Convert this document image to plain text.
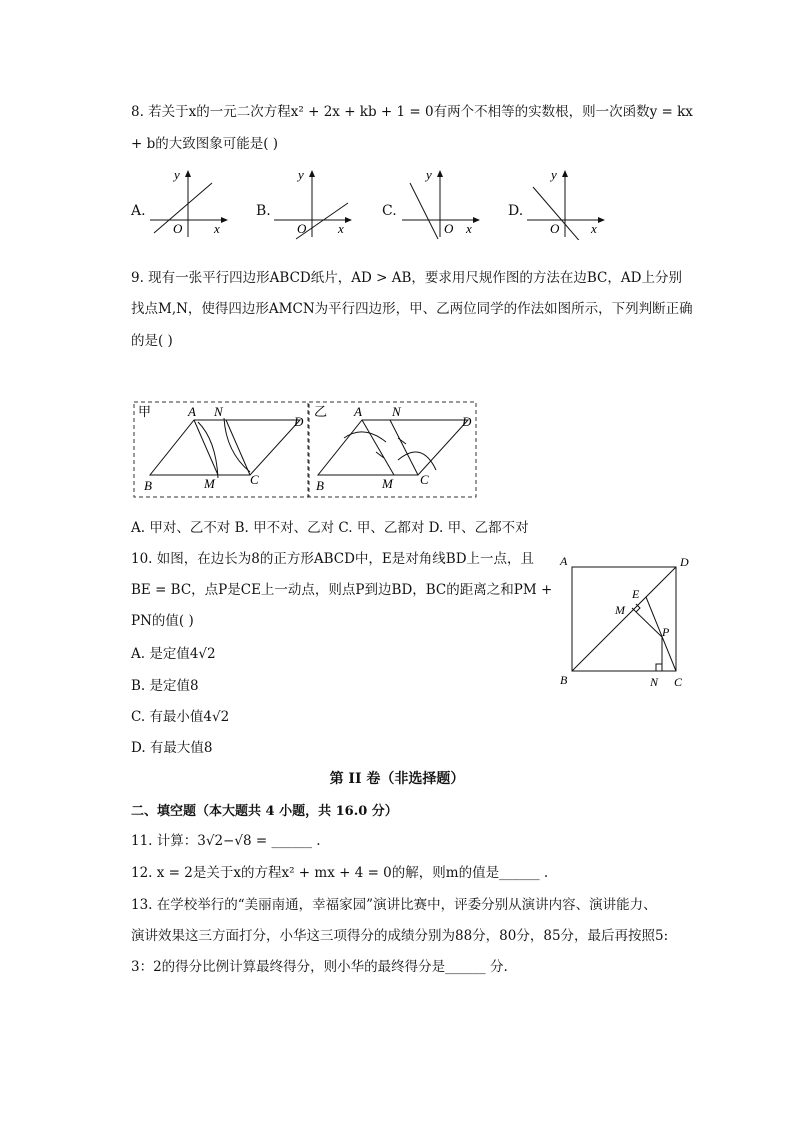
8. 若关于x的一元二次方程x² + 2x + kb + 1 = 0有两个不相等的实数根，则一次函数y = kx
+ b的大致图象可能是( )
A.	B.	C.	D.
y
O x
y
O x
y
O x
y
O x
9. 现有一张平行四边形ABCD纸片，AD > AB，要求用尺规作图的方法在边BC，AD上分别
找点M,N，使得四边形AMCN为平行四边形，甲、乙两位同学的作法如图所示，下列判断正确
的是( )
甲	A N
D
B	M	C
乙 A N
D
B	M C
A. 甲对、乙不对 B. 甲不对、乙对 C. 甲、乙都对 D. 甲、乙都不对
10. 如图，在边长为8的正方形ABCD中，E是对角线BD上一点，且
BE = BC，点P是CE上一动点，则点P到边BD，BC的距离之和PM +
PN的值( )
A. 是定值4√2
B. 是定值8
C. 有最小值4√2
D. 有最大值8
A	D
E
M
P
B	N C
第 II 卷（非选择题）
二、填空题（本大题共 4 小题，共 16.0 分）
11. 计算：3√2−√8 = ______ .
12. x = 2是关于x的方程x² + mx + 4 = 0的解，则m的值是______ .
13. 在学校举行的“美丽南通，幸福家园”演讲比赛中，评委分别从演讲内容、演讲能力、
演讲效果这三方面打分，小华这三项得分的成绩分别为88分，80分，85分，最后再按照5:
3：2的得分比例计算最终得分，则小华的最终得分是______ 分.
